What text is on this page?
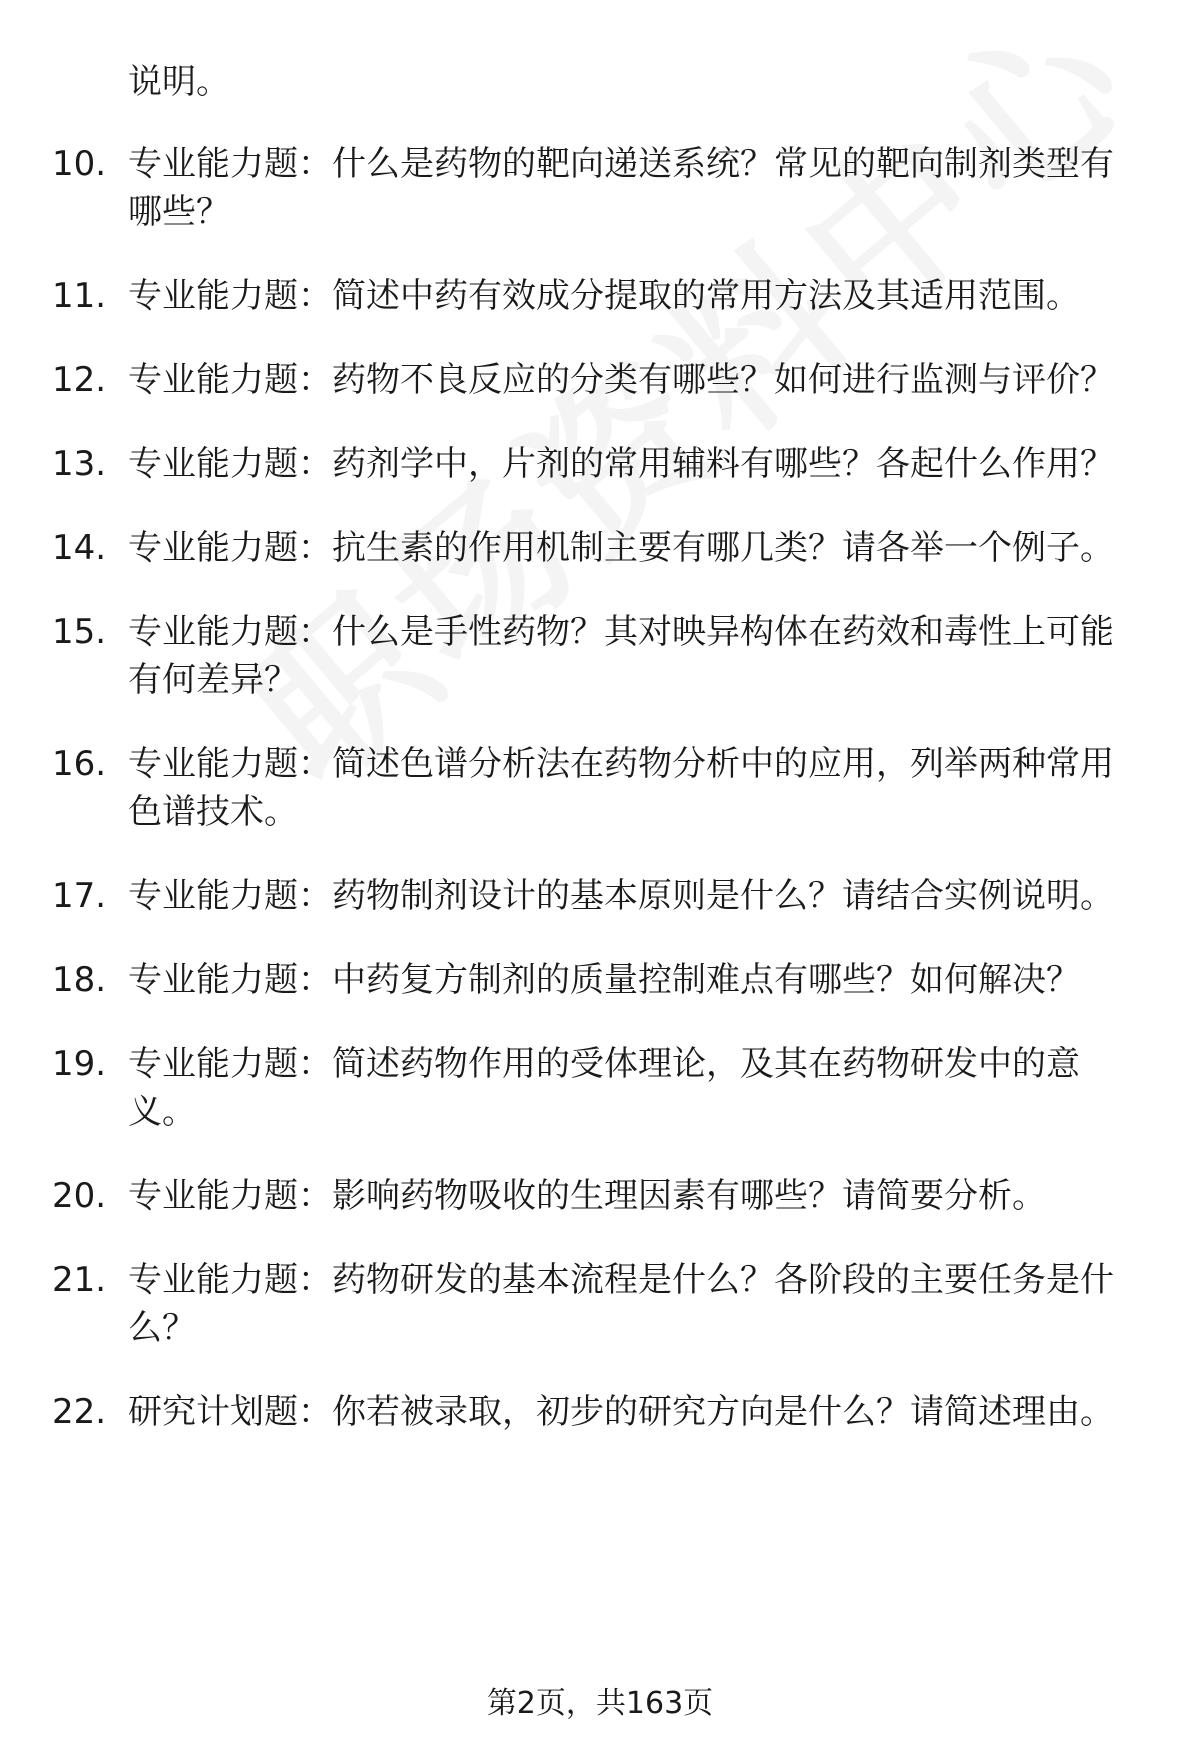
说明。

10. 专业能力题：什么是药物的靶向递送系统？常见的靶向制剂类型有哪些？
11. 专业能力题：简述中药有效成分提取的常用方法及其适用范围。
12. 专业能力题：药物不良反应的分类有哪些？如何进行监测与评价？
13. 专业能力题：药剂学中，片剂的常用辅料有哪些？各起什么作用？
14. 专业能力题：抗生素的作用机制主要有哪几类？请各举一个例子。
15. 专业能力题：什么是手性药物？其对映异构体在药效和毒性上可能有何差异？
16. 专业能力题：简述色谱分析法在药物分析中的应用，列举两种常用色谱技术。
17. 专业能力题：药物制剂设计的基本原则是什么？请结合实例说明。
18. 专业能力题：中药复方制剂的质量控制难点有哪些？如何解决？
19. 专业能力题：简述药物作用的受体理论，及其在药物研发中的意义。
20. 专业能力题：影响药物吸收的生理因素有哪些？请简要分析。
21. 专业能力题：药物研发的基本流程是什么？各阶段的主要任务是什么？
22. 研究计划题：你若被录取，初步的研究方向是什么？请简述理由。
第2页，共163页
